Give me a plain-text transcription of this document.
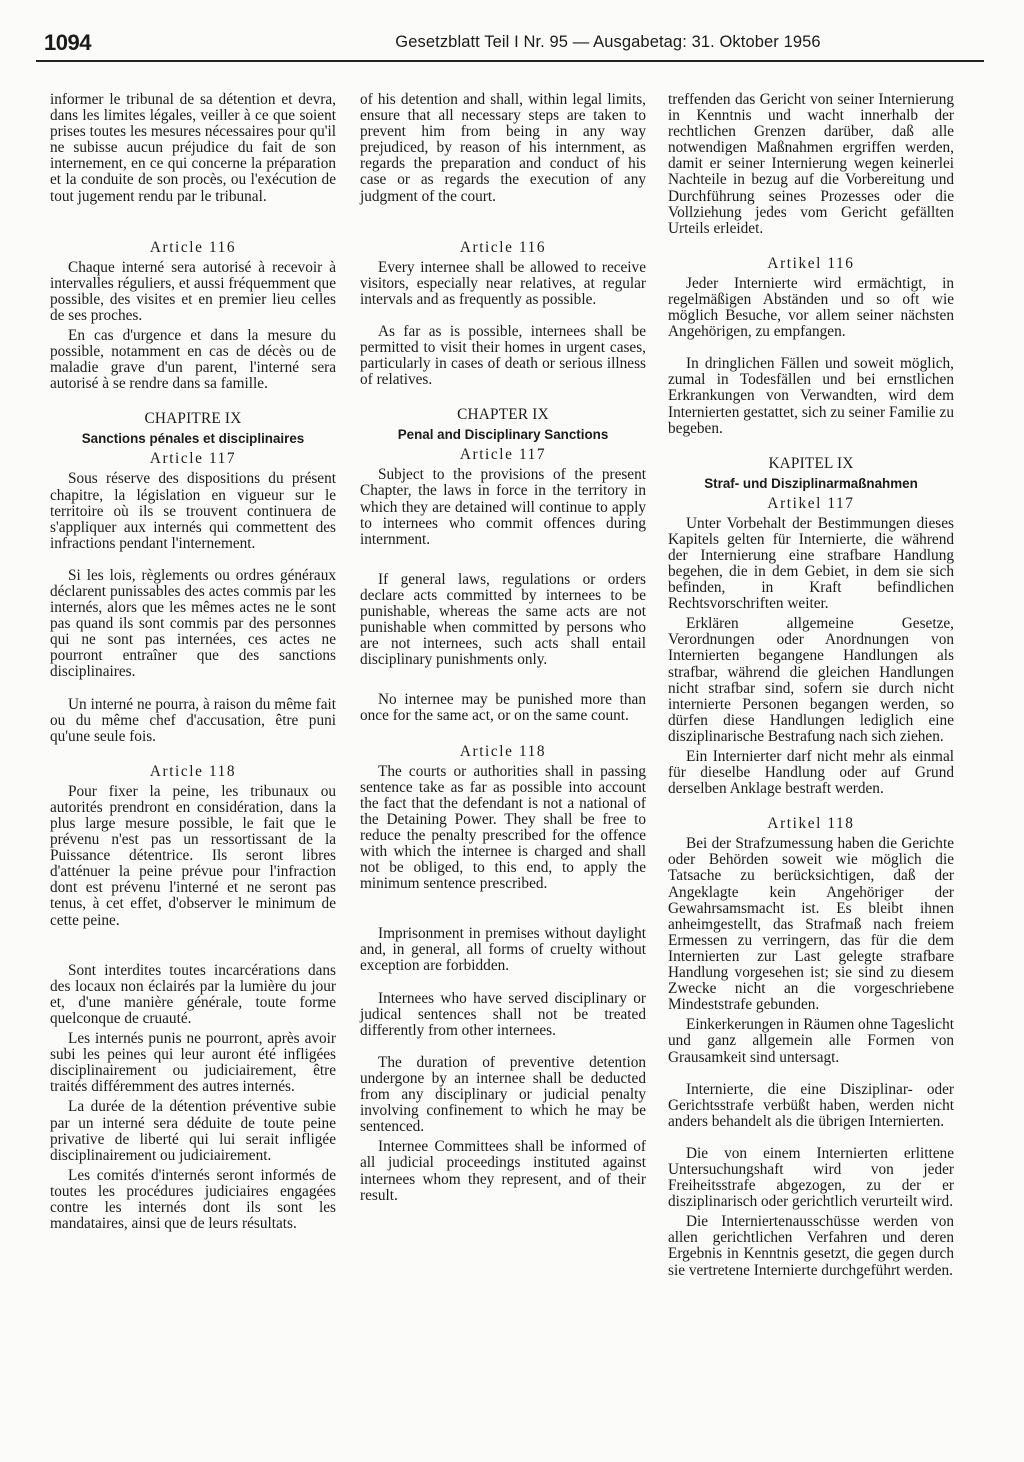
1094	Gesetzblatt Teil I Nr. 95 — Ausgabetag: 31. Oktober 1956

informer le tribunal de sa détention et devra, dans les limites légales, veiller à ce que soient prises toutes les mesures nécessaires pour qu'il ne subisse aucun préjudice du fait de son internement, en ce qui concerne la préparation et la conduite de son procès, ou l'exécution de tout jugement rendu par le tribunal.

Article 116

Chaque interné sera autorisé à recevoir à intervalles réguliers, et aussi fréquemment que possible, des visites et en premier lieu celles de ses proches.

En cas d'urgence et dans la mesure du possible, notamment en cas de décès ou de maladie grave d'un parent, l'interné sera autorisé à se rendre dans sa famille.

CHAPITRE IX

Sanctions pénales et disciplinaires

Article 117

Sous réserve des dispositions du présent chapitre, la législation en vigueur sur le territoire où ils se trouvent continuera de s'appliquer aux internés qui commettent des infractions pendant l'internement.

Si les lois, règlements ou ordres généraux déclarent punissables des actes commis par les internés, alors que les mêmes actes ne le sont pas quand ils sont commis par des personnes qui ne sont pas internées, ces actes ne pourront entraîner que des sanctions disciplinaires.

Un interné ne pourra, à raison du même fait ou du même chef d'accusation, être puni qu'une seule fois.

Article 118

Pour fixer la peine, les tribunaux ou autorités prendront en considération, dans la plus large mesure possible, le fait que le prévenu n'est pas un ressortissant de la Puissance détentrice. Ils seront libres d'atténuer la peine prévue pour l'infraction dont est prévenu l'interné et ne seront pas tenus, à cet effet, d'observer le minimum de cette peine.

Sont interdites toutes incarcérations dans des locaux non éclairés par la lumière du jour et, d'une manière générale, toute forme quelconque de cruauté.

Les internés punis ne pourront, après avoir subi les peines qui leur auront été infligées disciplinairement ou judiciairement, être traités différemment des autres internés.

La durée de la détention préventive subie par un interné sera déduite de toute peine privative de liberté qui lui serait infligée disciplinairement ou judiciairement.

Les comités d'internés seront informés de toutes les procédures judiciaires engagées contre les internés dont ils sont les mandataires, ainsi que de leurs résultats.

of his detention and shall, within legal limits, ensure that all necessary steps are taken to prevent him from being in any way prejudiced, by reason of his internment, as regards the preparation and conduct of his case or as regards the execution of any judgment of the court.

Article 116

Every internee shall be allowed to receive visitors, especially near relatives, at regular intervals and as frequently as possible.

As far as is possible, internees shall be permitted to visit their homes in urgent cases, particularly in cases of death or serious illness of relatives.

CHAPTER IX

Penal and Disciplinary Sanctions

Article 117

Subject to the provisions of the present Chapter, the laws in force in the territory in which they are detained will continue to apply to internees who commit offences during internment.

If general laws, regulations or orders declare acts committed by internees to be punishable, whereas the same acts are not punishable when committed by persons who are not internees, such acts shall entail disciplinary punishments only.

No internee may be punished more than once for the same act, or on the same count.

Article 118

The courts or authorities shall in passing sentence take as far as possible into account the fact that the defendant is not a national of the Detaining Power. They shall be free to reduce the penalty prescribed for the offence with which the internee is charged and shall not be obliged, to this end, to apply the minimum sentence prescribed.

Imprisonment in premises without daylight and, in general, all forms of cruelty without exception are forbidden.

Internees who have served disciplinary or judical sentences shall not be treated differently from other internees.

The duration of preventive detention undergone by an internee shall be deducted from any disciplinary or judicial penalty involving confinement to which he may be sentenced.

Internee Committees shall be informed of all judicial proceedings instituted against internees whom they represent, and of their result.

treffenden das Gericht von seiner Internierung in Kenntnis und wacht innerhalb der rechtlichen Grenzen darüber, daß alle notwendigen Maßnahmen ergriffen werden, damit er seiner Internierung wegen keinerlei Nachteile in bezug auf die Vorbereitung und Durchführung seines Prozesses oder die Vollziehung jedes vom Gericht gefällten Urteils erleidet.

Artikel 116

Jeder Internierte wird ermächtigt, in regelmäßigen Abständen und so oft wie möglich Besuche, vor allem seiner nächsten Angehörigen, zu empfangen.

In dringlichen Fällen und soweit möglich, zumal in Todesfällen und bei ernstlichen Erkrankungen von Verwandten, wird dem Internierten gestattet, sich zu seiner Familie zu begeben.

KAPITEL IX

Straf- und Disziplinarmaßnahmen

Artikel 117

Unter Vorbehalt der Bestimmungen dieses Kapitels gelten für Internierte, die während der Internierung eine strafbare Handlung begehen, die in dem Gebiet, in dem sie sich befinden, in Kraft befindlichen Rechtsvorschriften weiter.

Erklären allgemeine Gesetze, Verordnungen oder Anordnungen von Internierten begangene Handlungen als strafbar, während die gleichen Handlungen nicht strafbar sind, sofern sie durch nicht internierte Personen begangen werden, so dürfen diese Handlungen lediglich eine disziplinarische Bestrafung nach sich ziehen.

Ein Internierter darf nicht mehr als einmal für dieselbe Handlung oder auf Grund derselben Anklage bestraft werden.

Artikel 118

Bei der Strafzumessung haben die Gerichte oder Behörden soweit wie möglich die Tatsache zu berücksichtigen, daß der Angeklagte kein Angehöriger der Gewahrsamsmacht ist. Es bleibt ihnen anheimgestellt, das Strafmaß nach freiem Ermessen zu verringern, das für die dem Internierten zur Last gelegte strafbare Handlung vorgesehen ist; sie sind zu diesem Zwecke nicht an die vorgeschriebene Mindeststrafe gebunden.

Einkerkerungen in Räumen ohne Tageslicht und ganz allgemein alle Formen von Grausamkeit sind untersagt.

Internierte, die eine Disziplinar- oder Gerichtsstrafe verbüßt haben, werden nicht anders behandelt als die übrigen Internierten.

Die von einem Internierten erlittene Untersuchungshaft wird von jeder Freiheitsstrafe abgezogen, zu der er disziplinarisch oder gerichtlich verurteilt wird.

Die Interniertenausschüsse werden von allen gerichtlichen Verfahren und deren Ergebnis in Kenntnis gesetzt, die gegen durch sie vertretene Internierte durchgeführt werden.
